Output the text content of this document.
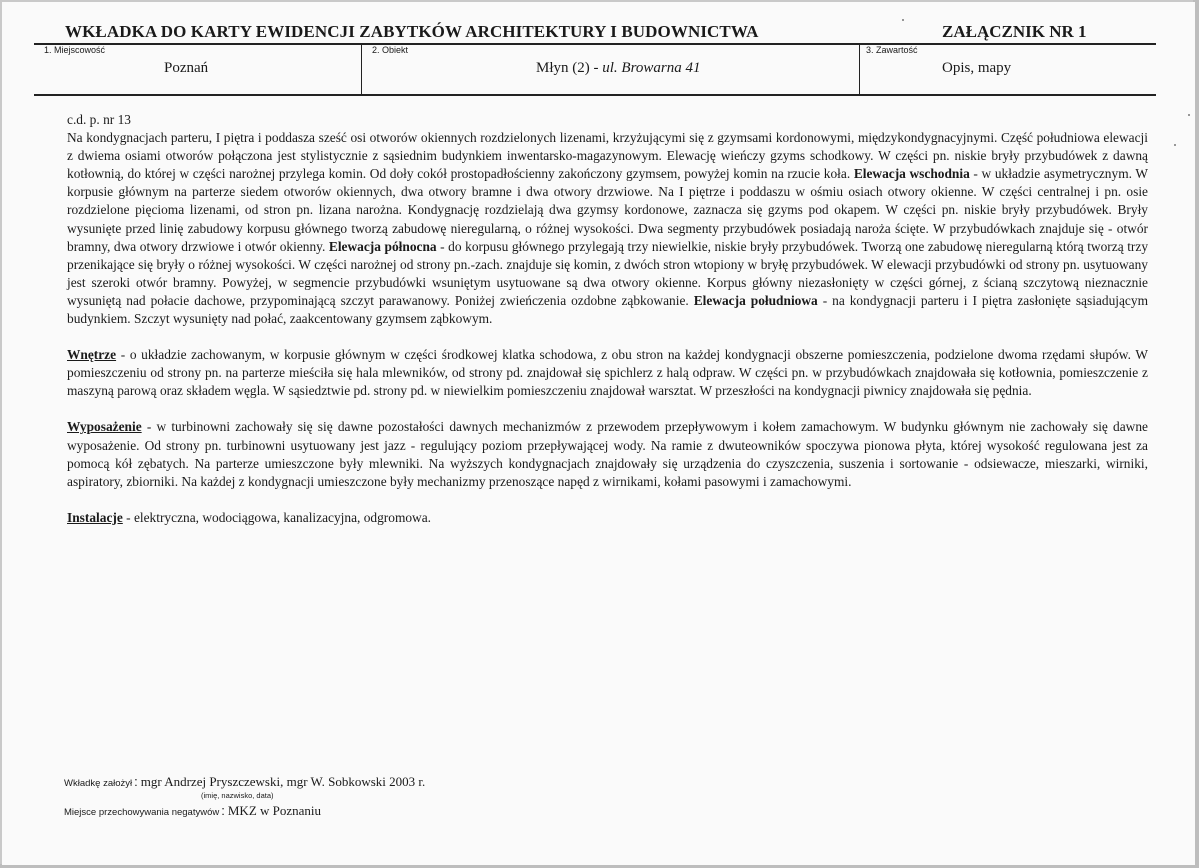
WKŁADKA DO KARTY EWIDENCJI ZABYTKÓW ARCHITEKTURY I BUDOWNICTWA	ZAŁĄCZNIK NR 1
1. Miejscowość
Poznań
2. Obiekt
Młyn (2) - ul. Browarna 41
3. Zawartość
Opis, mapy

c.d. p. nr 13

Na kondygnacjach parteru, I piętra i poddasza sześć osi otworów okiennych rozdzielonych lizenami, krzyżującymi się z gzymsami kordonowymi, międzykondygnacyjnymi. Część południowa elewacji z dwiema osiami otworów połączona jest stylistycznie z sąsiednim budynkiem inwentarsko-magazynowym. Elewację wieńczy gzyms schodkowy. W części pn. niskie bryły przybudówek z dawną kotłownią, do której w części narożnej przylega komin. Od doły cokół prostopadłościenny zakończony gzymsem, powyżej komin na rzucie koła. Elewacja wschodnia - w układzie asymetrycznym. W korpusie głównym na parterze siedem otworów okiennych, dwa otwory bramne i dwa otwory drzwiowe. Na I piętrze i poddaszu w ośmiu osiach otwory okienne. W części centralnej i pn. osie rozdzielone pięcioma lizenami, od stron pn. lizana narożna. Kondygnację rozdzielają dwa gzymsy kordonowe, zaznacza się gzyms pod okapem. W części pn. niskie bryły przybudówek. Bryły wysunięte przed linię zabudowy korpusu głównego tworzą zabudowę nieregularną, o różnej wysokości. Dwa segmenty przybudówek posiadają naroża ścięte. W przybudówkach znajduje się - otwór bramny, dwa otwory drzwiowe i otwór okienny. Elewacja północna - do korpusu głównego przylegają trzy niewielkie, niskie bryły przybudówek. Tworzą one zabudowę nieregularną którą tworzą trzy przenikające się bryły o różnej wysokości. W części narożnej od strony pn.-zach. znajduje się komin, z dwóch stron wtopiony w bryłę przybudówek. W elewacji przybudówki od strony pn. usytuowany jest szeroki otwór bramny. Powyżej, w segmencie przybudówki wsuniętym usytuowane są dwa otwory okienne. Korpus główny niezasłonięty w części górnej, z ścianą szczytową nieznacznie wysuniętą nad połacie dachowe, przypominającą szczyt parawanowy. Poniżej zwieńczenia ozdobne ząbkowanie. Elewacja południowa - na kondygnacji parteru i I piętra zasłonięte sąsiadującym budynkiem. Szczyt wysunięty nad połać, zaakcentowany gzymsem ząbkowym.

Wnętrze - o układzie zachowanym, w korpusie głównym w części środkowej klatka schodowa, z obu stron na każdej kondygnacji obszerne pomieszczenia, podzielone dwoma rzędami słupów. W pomieszczeniu od strony pn. na parterze mieściła się hala mlewników, od strony pd. znajdował się spichlerz z halą odpraw. W części pn. w przybudówkach znajdowała się kotłownia, pomieszczenie z maszyną parową oraz składem węgla. W sąsiedztwie pd. strony pd. w niewielkim pomieszczeniu znajdował warsztat. W przeszłości na kondygnacji piwnicy znajdowała się pędnia.

Wyposażenie - w turbinowni zachowały się się dawne pozostałości dawnych mechanizmów z przewodem przepływowym i kołem zamachowym. W budynku głównym nie zachowały się dawne wyposażenie. Od strony pn. turbinowni usytuowany jest jazz - regulujący poziom przepływającej wody. Na ramie z dwuteowników spoczywa pionowa płyta, której wysokość regulowana jest za pomocą kół zębatych. Na parterze umieszczone były mlewniki. Na wyższych kondygnacjach znajdowały się urządzenia do czyszczenia, suszenia i sortowanie - odsiewacze, mieszarki, wirniki, aspiratory, zbiorniki. Na każdej z kondygnacji umieszczone były mechanizmy przenoszące napęd z wirnikami, kołami pasowymi i zamachowymi.

Instalacje - elektryczna, wodociągowa, kanalizacyjna, odgromowa.

Wkładkę założył : mgr Andrzej Pryszczewski, mgr W. Sobkowski 2003 r.
(imię, nazwisko, data)
Miejsce przechowywania negatywów : MKZ w Poznaniu
